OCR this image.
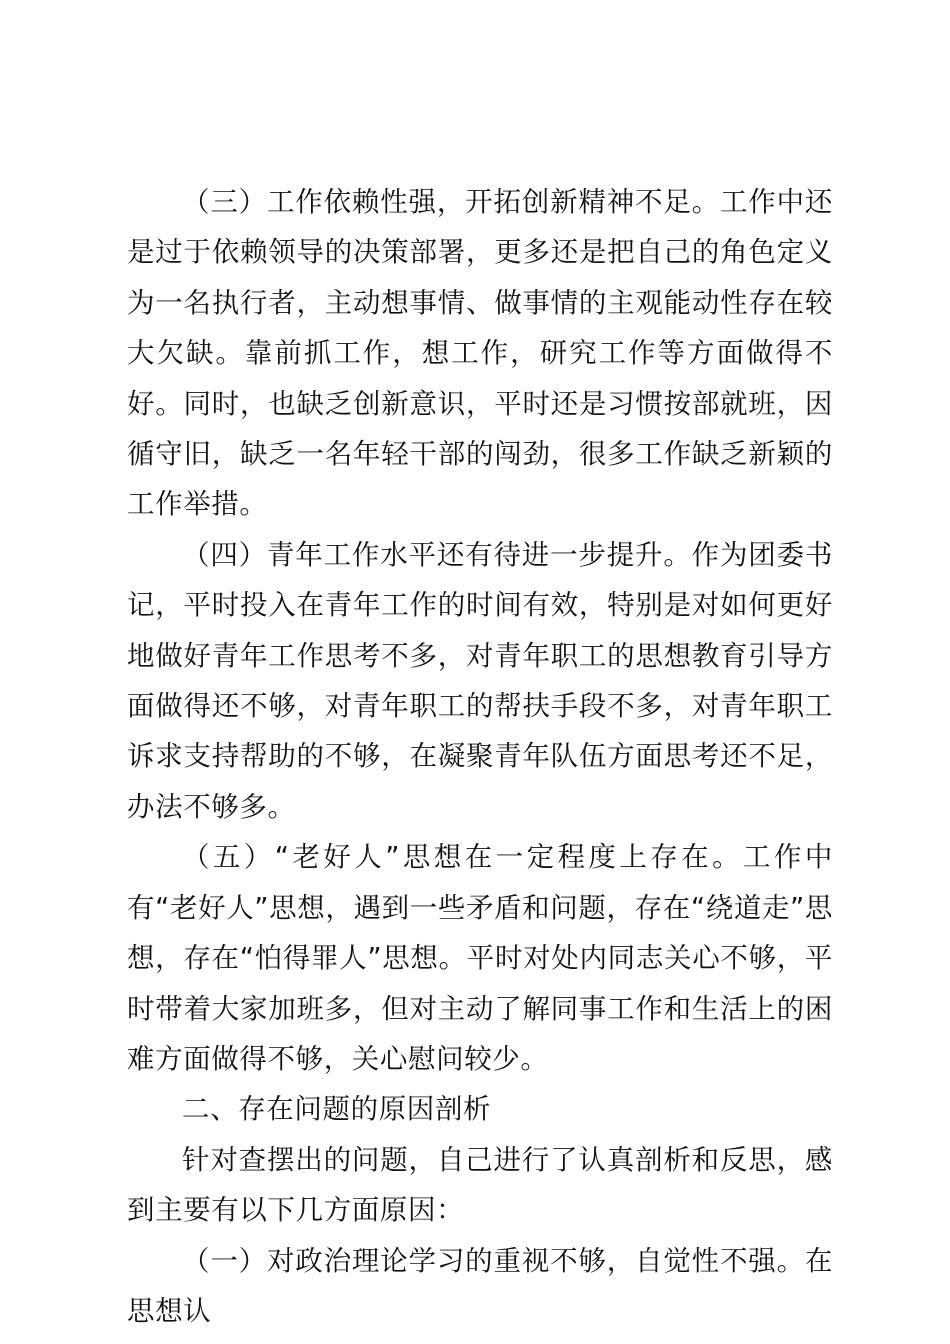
（三）工作依赖性强，开拓创新精神不足。工作中还是过于依赖领导的决策部署，更多还是把自己的角色定义为一名执行者，主动想事情、做事情的主观能动性存在较大欠缺。靠前抓工作，想工作，研究工作等方面做得不好。同时，也缺乏创新意识，平时还是习惯按部就班，因循守旧，缺乏一名年轻干部的闯劲，很多工作缺乏新颖的工作举措。

（四）青年工作水平还有待进一步提升。作为团委书记，平时投入在青年工作的时间有效，特别是对如何更好地做好青年工作思考不多，对青年职工的思想教育引导方面做得还不够，对青年职工的帮扶手段不多，对青年职工诉求支持帮助的不够，在凝聚青年队伍方面思考还不足，办法不够多。

（五）“老好人”思想在一定程度上存在。工作中有“老好人”思想，遇到一些矛盾和问题，存在“绕道走”思想，存在“怕得罪人”思想。平时对处内同志关心不够，平时带着大家加班多，但对主动了解同事工作和生活上的困难方面做得不够，关心慰问较少。

二、存在问题的原因剖析

针对查摆出的问题，自己进行了认真剖析和反思，感到主要有以下几方面原因：

（一）对政治理论学习的重视不够，自觉性不强。在思想认
